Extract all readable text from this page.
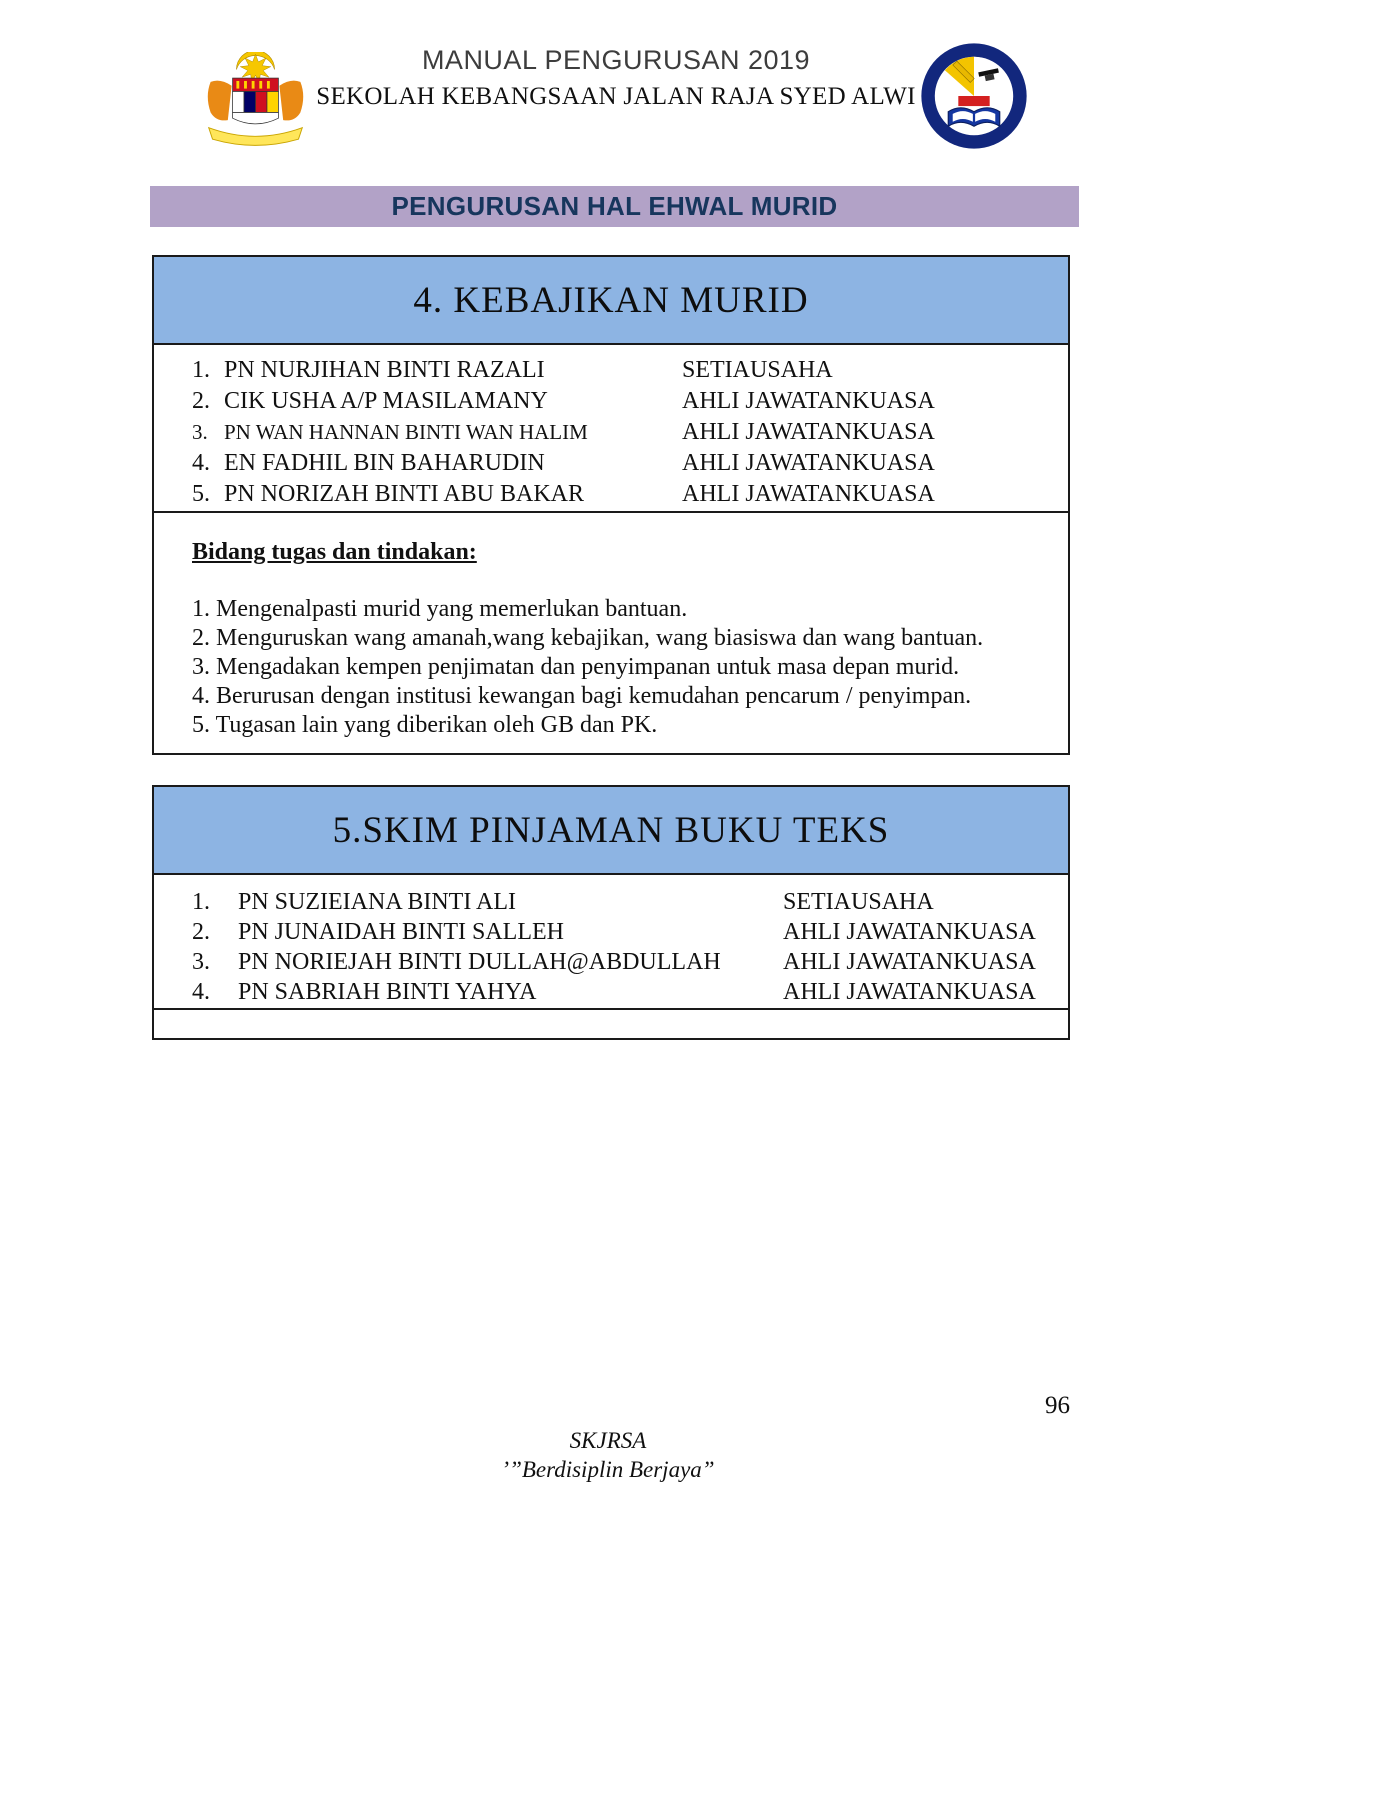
MANUAL PENGURUSAN 2019
SEKOLAH KEBANGSAAN JALAN RAJA SYED ALWI
PENGURUSAN HAL EHWAL MURID
4. KEBAJIKAN MURID
1. PN NURJIHAN BINTI RAZALI	SETIAUSAHA
2. CIK USHA A/P MASILAMANY	AHLI JAWATANKUASA
3. PN WAN HANNAN BINTI WAN HALIM	AHLI JAWATANKUASA
4. EN FADHIL BIN BAHARUDIN	AHLI JAWATANKUASA
5. PN NORIZAH BINTI ABU BAKAR	AHLI JAWATANKUASA
Bidang tugas dan tindakan:

1. Mengenalpasti murid yang memerlukan bantuan.

2. Menguruskan wang amanah,wang kebajikan, wang biasiswa dan wang bantuan.

3. Mengadakan kempen penjimatan dan penyimpanan untuk masa depan murid.

4. Berurusan dengan institusi kewangan bagi kemudahan pencarum / penyimpan.

5. Tugasan lain yang diberikan oleh GB dan PK.

5.SKIM PINJAMAN BUKU TEKS
1.	PN SUZIEIANA BINTI ALI	SETIAUSAHA
2.	PN JUNAIDAH BINTI SALLEH	AHLI JAWATANKUASA
3.	PN NORIEJAH BINTI DULLAH@ABDULLAH	AHLI JAWATANKUASA
4.	PN SABRIAH BINTI YAHYA	AHLI JAWATANKUASA
96
SKJRSA
’”Berdisiplin Berjaya”
